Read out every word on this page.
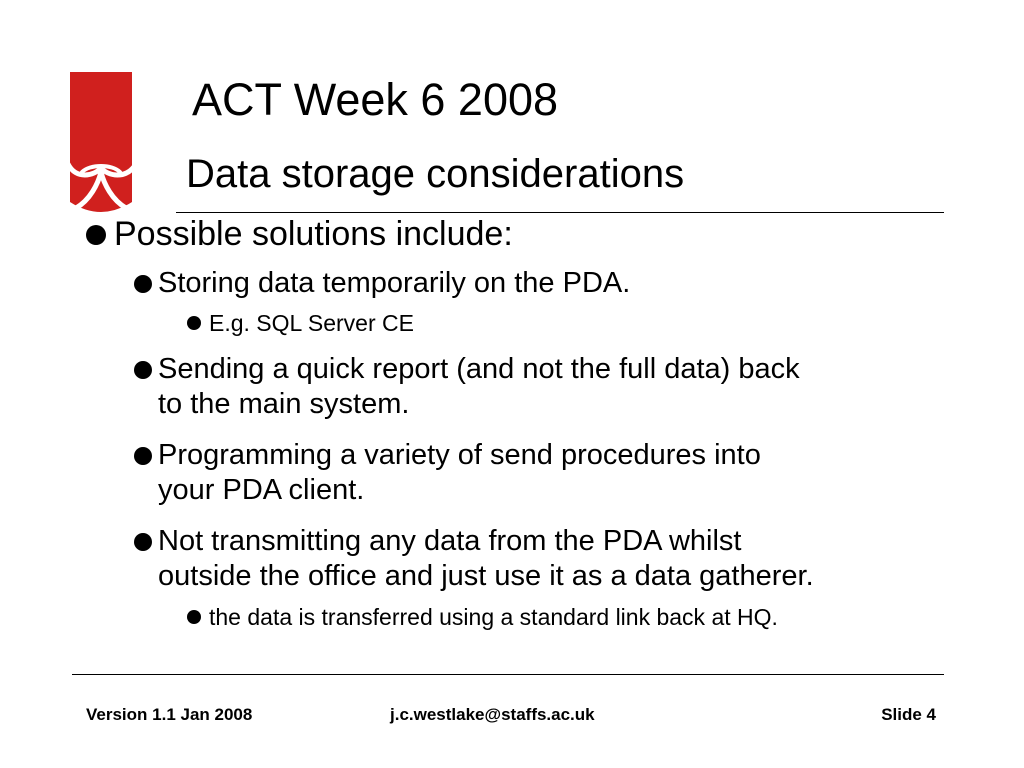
ACT Week 6 2008
Data storage considerations
Possible solutions include:
Storing data temporarily on the PDA.
E.g. SQL Server CE
Sending a quick report (and not the full data) back
to the main system.
Programming a variety of send procedures into
your PDA client.
Not transmitting any data from the PDA whilst
outside the office and just use it as a data gatherer.
the data is transferred using a standard link back at HQ.
Version 1.1 Jan 2008	j.c.westlake@staffs.ac.uk	Slide 4
